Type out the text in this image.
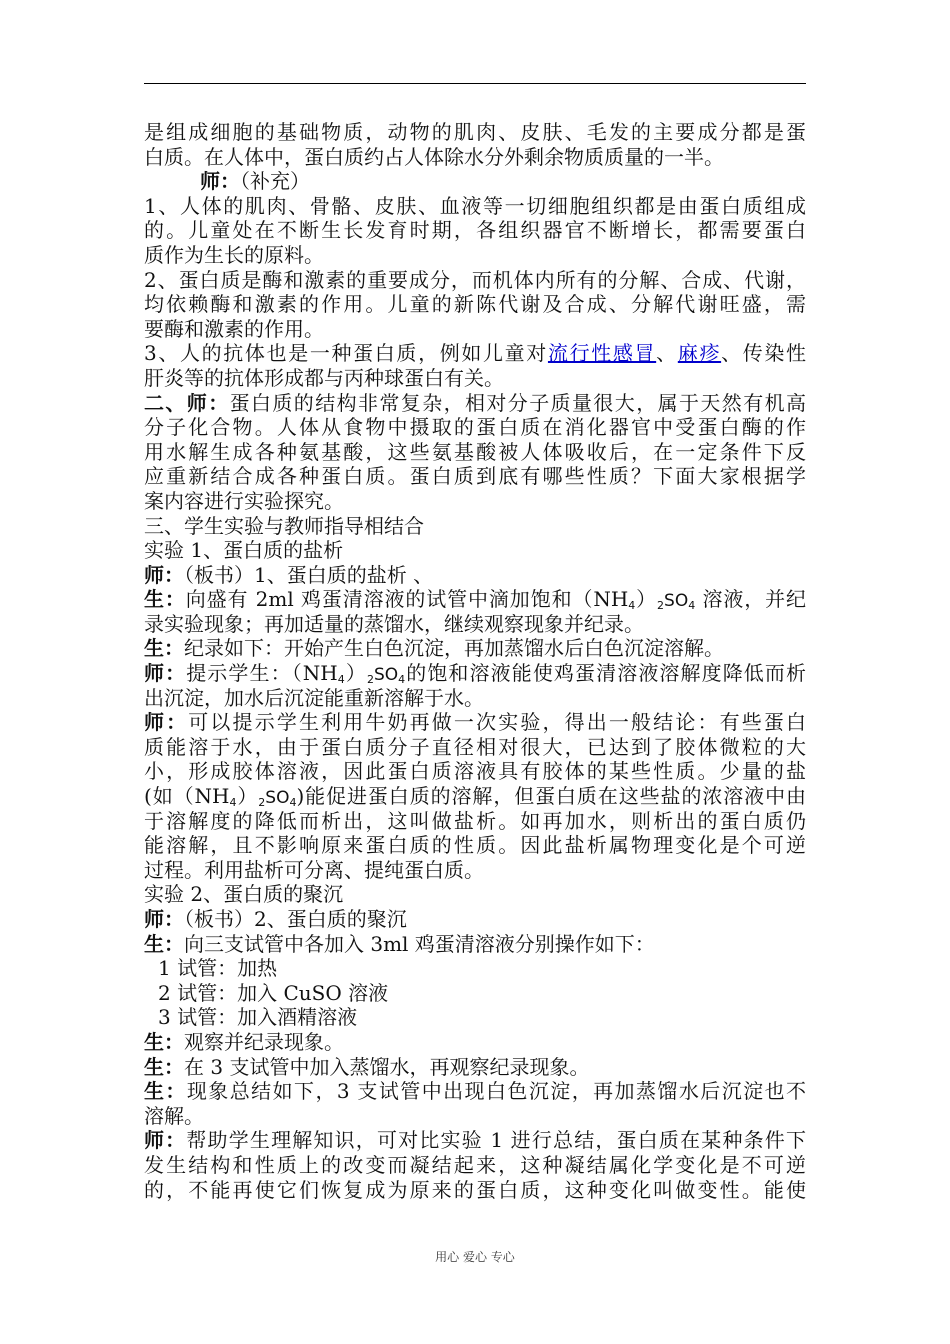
是组成细胞的基础物质，动物的肌肉、皮肤、毛发的主要成分都是蛋
白质。在人体中，蛋白质约占人体除水分外剩余物质质量的一半。
师：（补充）
1、人体的肌肉、骨骼、皮肤、血液等一切细胞组织都是由蛋白质组成
的。儿童处在不断生长发育时期，各组织器官不断增长，都需要蛋白
质作为生长的原料。
2、蛋白质是酶和激素的重要成分，而机体内所有的分解、合成、代谢，
均依赖酶和激素的作用。儿童的新陈代谢及合成、分解代谢旺盛，需
要酶和激素的作用。
3、人的抗体也是一种蛋白质，例如儿童对流行性感冒、麻疹、传染性
肝炎等的抗体形成都与丙种球蛋白有关。
二、师：蛋白质的结构非常复杂，相对分子质量很大，属于天然有机高
分子化合物。人体从食物中摄取的蛋白质在消化器官中受蛋白酶的作
用水解生成各种氨基酸，这些氨基酸被人体吸收后，在一定条件下反
应重新结合成各种蛋白质。蛋白质到底有哪些性质？下面大家根据学
案内容进行实验探究。
三、学生实验与教师指导相结合
实验 1、蛋白质的盐析
师：（板书）1、蛋白质的盐析 、
生：向盛有 2ml 鸡蛋清溶液的试管中滴加饱和$(NH_4)_2SO_4$ 溶液，并纪
录实验现象；再加适量的蒸馏水，继续观察现象并纪录。
生：纪录如下：开始产生白色沉淀，再加蒸馏水后白色沉淀溶解。
师：提示学生：$(NH_4)_2SO_4$的饱和溶液能使鸡蛋清溶液溶解度降低而析
出沉淀，加水后沉淀能重新溶解于水。
师：可以提示学生利用牛奶再做一次实验，得出一般结论：有些蛋白
质能溶于水，由于蛋白质分子直径相对很大，已达到了胶体微粒的大
小，形成胶体溶液，因此蛋白质溶液具有胶体的某些性质。少量的盐
(如$(NH_4)_2SO_4$)能促进蛋白质的溶解，但蛋白质在这些盐的浓溶液中由
于溶解度的降低而析出，这叫做盐析。如再加水，则析出的蛋白质仍
能溶解，且不影响原来蛋白质的性质。因此盐析属物理变化是个可逆
过程。利用盐析可分离、提纯蛋白质。
实验 2、蛋白质的聚沉
师：（板书）2、蛋白质的聚沉
生：向三支试管中各加入 3ml 鸡蛋清溶液分别操作如下：
1 试管：加热
2 试管：加入 CuSO 溶液
3 试管：加入酒精溶液
生：观察并纪录现象。
生：在 3 支试管中加入蒸馏水，再观察纪录现象。
生：现象总结如下，3 支试管中出现白色沉淀，再加蒸馏水后沉淀也不
溶解。
师：帮助学生理解知识，可对比实验 1 进行总结，蛋白质在某种条件下
发生结构和性质上的改变而凝结起来，这种凝结属化学变化是不可逆
的，不能再使它们恢复成为原来的蛋白质，这种变化叫做变性。能使
用心 爱心 专心
